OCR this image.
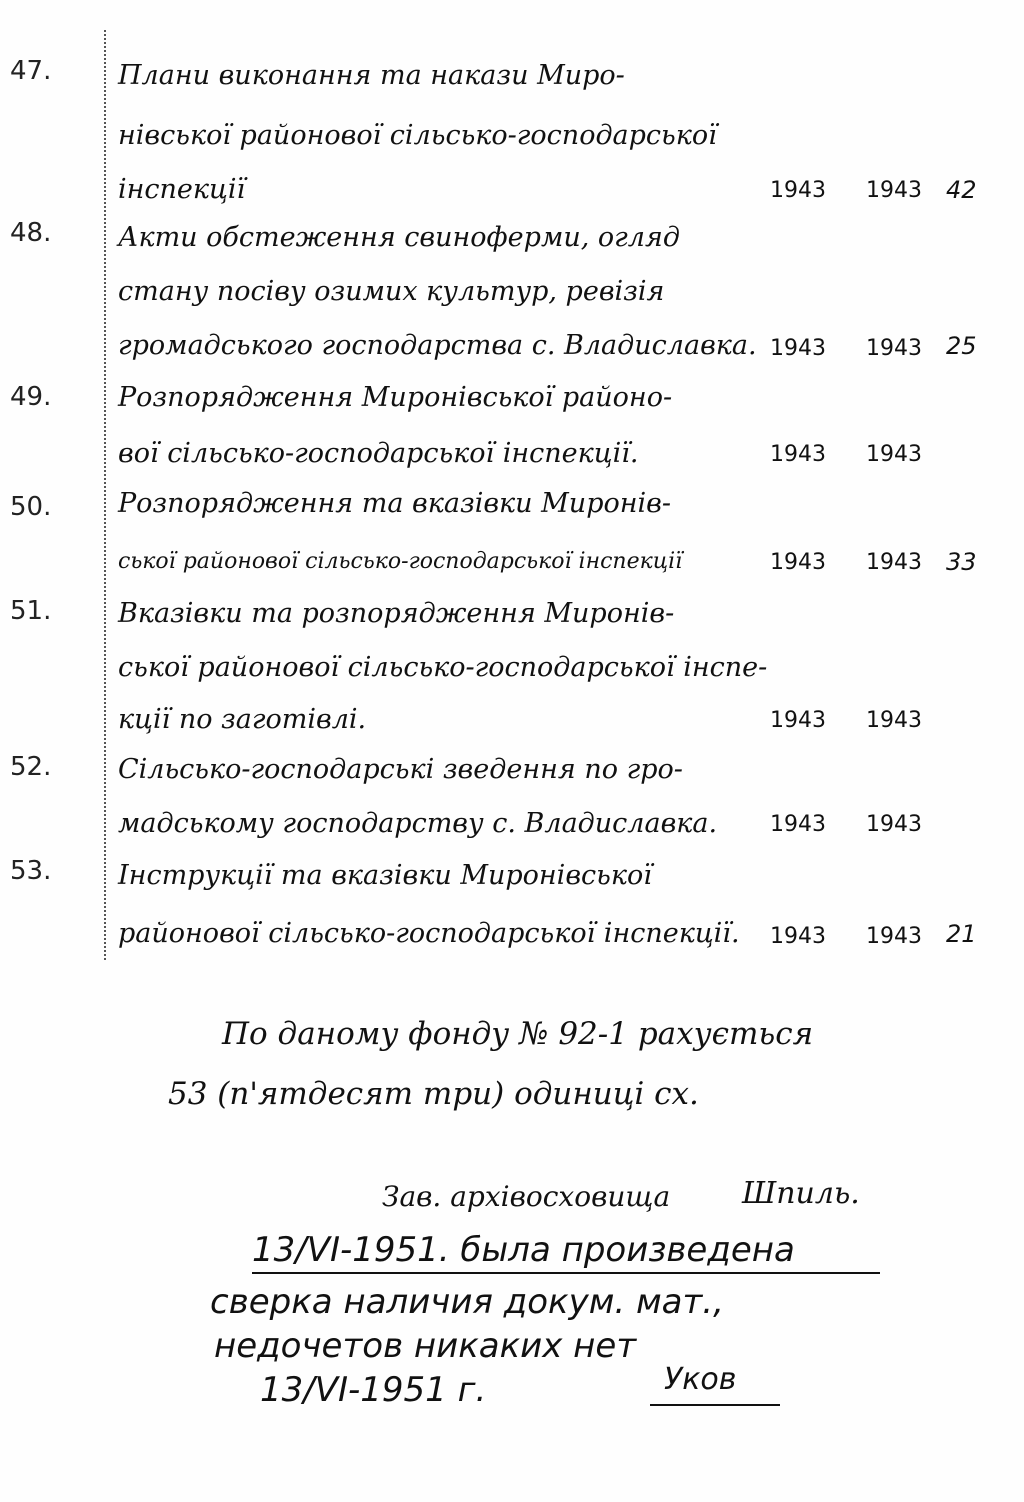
47.	Плани виконання та накази Миро-
нівської районової сільсько-господарської
інспекції	1943	1943	42
48.	Акти обстеження свиноферми, огляд
стану посіву озимих культур, ревізія
громадського господарства с. Владиславка. 1943	1943	25
49.	Розпорядження Миронівської районо-
вої сільсько-господарської інспекції.	1943	1943
50.	Розпорядження та вказівки Миронів-
ської районової сільсько-господарської інспекції	1943	1943	33
51.	Вказівки та розпорядження Миронів-
ської районової сільсько-господарської інспе-
кції по заготівлі.	1943	1943
52.	Сільсько-господарські зведення по гро-
мадському господарству с. Владиславка.	1943	1943
53.	Інструкції та вказівки Миронівської
районової сільсько-господарської інспекції.	1943	1943	21
По даному фонду № 92-1 рахується
53 (п'ятдесят три) одиниці сх.
Зав. архівосховища Шпиль.
13/VI-1951. была произведена
сверка наличия докум. мат.,
недочетов никаких нет
13/VI-1951 г.	Уков
